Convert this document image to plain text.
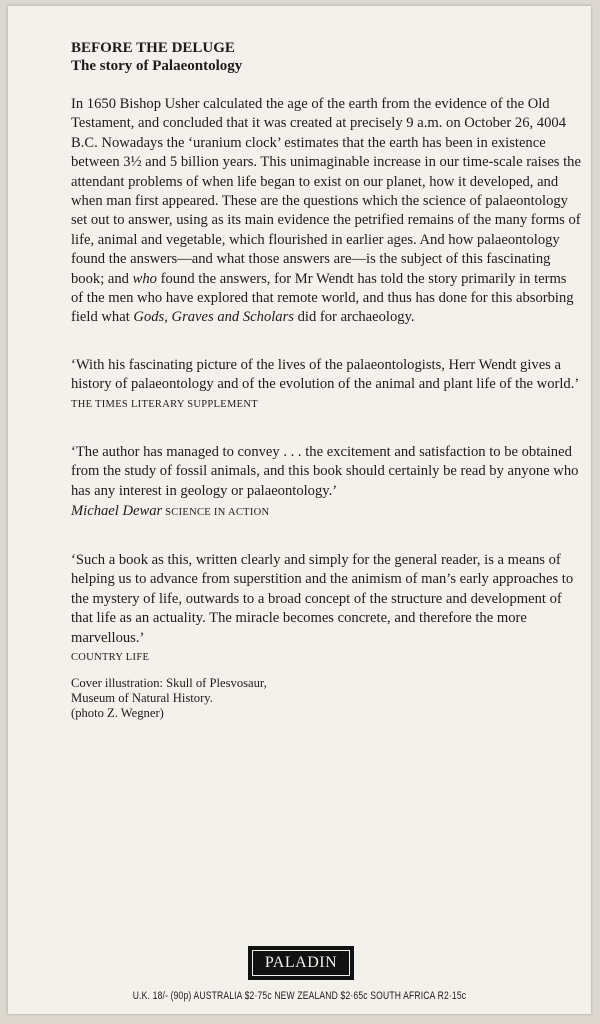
BEFORE THE DELUGE

The story of Palaeontology

In 1650 Bishop Usher calculated the age of the earth from the evidence of the Old Testament, and concluded that it was created at precisely 9 a.m. on October 26, 4004 B.C. Nowadays the ‘uranium clock’ estimates that the earth has been in existence between 3½ and 5 billion years. This unimaginable increase in our time-scale raises the attendant problems of when life began to exist on our planet, how it developed, and when man first appeared. These are the questions which the science of palaeontology set out to answer, using as its main evidence the petrified remains of the many forms of life, animal and vegetable, which flourished in earlier ages. And how palaeontology found the answers—and what those answers are—is the subject of this fascinating book; and who found the answers, for Mr Wendt has told the story primarily in terms of the men who have explored that remote world, and thus has done for this absorbing field what Gods, Graves and Scholars did for archaeology.

‘With his fascinating picture of the lives of the palaeontologists, Herr Wendt gives a history of palaeontology and of the evolution of the animal and plant life of the world.’

THE TIMES LITERARY SUPPLEMENT

‘The author has managed to convey . . . the excitement and satisfaction to be obtained from the study of fossil animals, and this book should certainly be read by anyone who has any interest in geology or palaeontology.’

Michael Dewar SCIENCE IN ACTION

‘Such a book as this, written clearly and simply for the general reader, is a means of helping us to advance from superstition and the animism of man’s early approaches to the mystery of life, outwards to a broad concept of the structure and development of that life as an actuality. The miracle becomes concrete, and therefore the more marvellous.’

COUNTRY LIFE

Cover illustration: Skull of Plesvosaur,
Museum of Natural History.
(photo Z. Wegner)

PALADIN
U.K. 18/- (90p) AUSTRALIA $2·75c NEW ZEALAND $2·65c SOUTH AFRICA R2·15c
